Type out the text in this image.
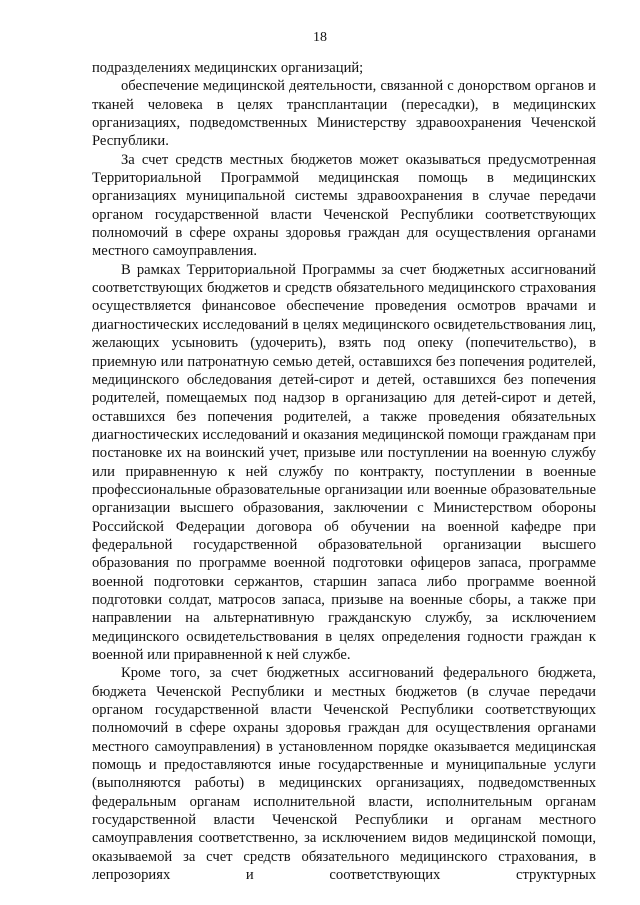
18

подразделениях медицинских организаций;

обеспечение медицинской деятельности, связанной с донорством органов и тканей человека в целях трансплантации (пересадки), в медицинских организациях, подведомственных Министерству здравоохранения Чеченской Республики.

За счет средств местных бюджетов может оказываться предусмотренная Территориальной Программой медицинская помощь в медицинских организациях муниципальной системы здравоохранения в случае передачи органом государственной власти Чеченской Республики соответствующих полномочий в сфере охраны здоровья граждан для осуществления органами местного самоуправления.

В рамках Территориальной Программы за счет бюджетных ассигнований соответствующих бюджетов и средств обязательного медицинского страхования осуществляется финансовое обеспечение проведения осмотров врачами и диагностических исследований в целях медицинского освидетельствования лиц, желающих усыновить (удочерить), взять под опеку (попечительство), в приемную или патронатную семью детей, оставшихся без попечения родителей, медицинского обследования детей-сирот и детей, оставшихся без попечения родителей, помещаемых под надзор в организацию для детей-сирот и детей, оставшихся без попечения родителей, а также проведения обязательных диагностических исследований и оказания медицинской помощи гражданам при постановке их на воинский учет, призыве или поступлении на военную службу или приравненную к ней службу по контракту, поступлении в военные профессиональные образовательные организации или военные образовательные организации высшего образования, заключении с Министерством обороны Российской Федерации договора об обучении на военной кафедре при федеральной государственной образовательной организации высшего образования по программе военной подготовки офицеров запаса, программе военной подготовки сержантов, старшин запаса либо программе военной подготовки солдат, матросов запаса, призыве на военные сборы, а также при направлении на альтернативную гражданскую службу, за исключением медицинского освидетельствования в целях определения годности граждан к военной или приравненной к ней службе.

Кроме того, за счет бюджетных ассигнований федерального бюджета, бюджета Чеченской Республики и местных бюджетов (в случае передачи органом государственной власти Чеченской Республики соответствующих полномочий в сфере охраны здоровья граждан для осуществления органами местного самоуправления) в установленном порядке оказывается медицинская помощь и предоставляются иные государственные и муниципальные услуги (выполняются работы) в медицинских организациях, подведомственных федеральным органам исполнительной власти, исполнительным органам государственной власти Чеченской Республики и органам местного самоуправления соответственно, за исключением видов медицинской помощи, оказываемой за счет средств обязательного медицинского страхования, в лепрозориях и соответствующих структурных
